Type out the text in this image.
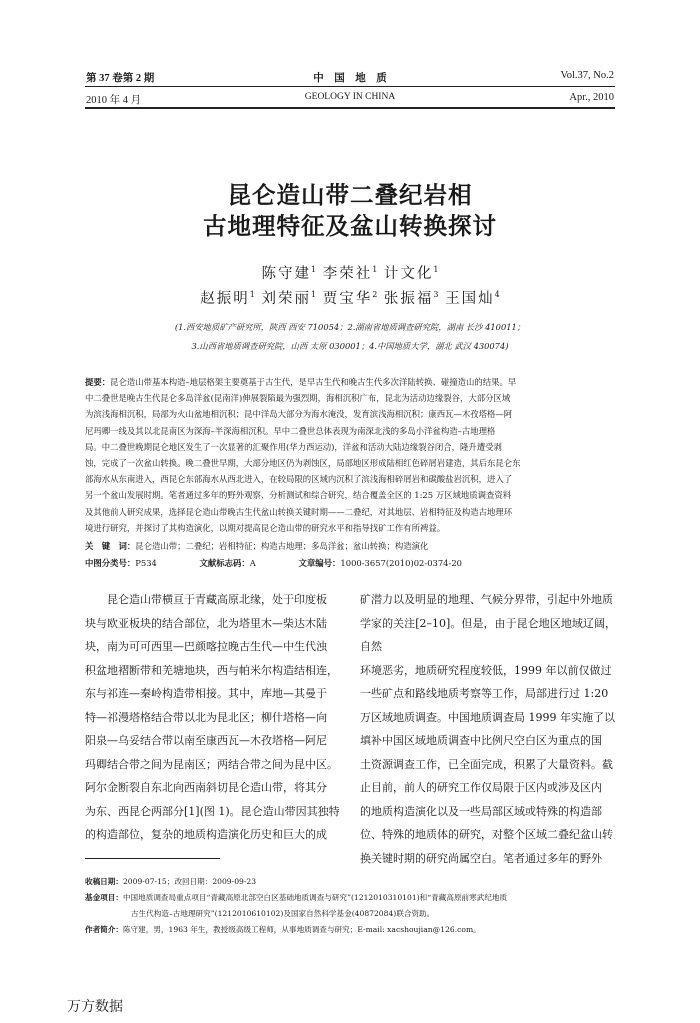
第 37 卷第 2 期
2010 年 4 月
中　国　地　质
GEOLOGY IN CHINA
Vol.37, No.2
Apr., 2010
昆仑造山带二叠纪岩相
古地理特征及盆山转换探讨
陈守建$^1$ 李荣社$^1$ 计文化$^1$
赵振明$^1$ 刘荣丽$^1$ 贾宝华$^2$ 张振福$^3$ 王国灿$^4$
(1.西安地质矿产研究所，陕西 西安 710054；2.湖南省地质调查研究院，湖南 长沙 410011；
3.山西省地质调查研究院，山西 太原 030001；4.中国地质大学，湖北 武汉 430074)
提要：昆仑造山带基本构造–地层格架主要奠基于古生代，是早古生代和晚古生代多次洋陆转换、碰撞造山的结果。早
中二叠世是晚古生代昆仑多岛洋盆(昆南洋)伸展裂陷最为强烈期，海相沉积广布，昆北为活动边缘裂谷，大部分区域
为滨浅海相沉积，局部为火山盆地相沉积；昆中洋岛大部分为海水淹没，发育滨浅海相沉积；康西瓦—木孜塔格—阿
尼玛卿一线及其以北昆南区为深海–半深海相沉积。早中二叠世总体表现为南深北浅的多岛小洋盆构造–古地理格
局。中二叠世晚期昆仑地区发生了一次显著的汇聚作用(华力西运动)，洋盆和活动大陆边缘裂谷闭合，隆升遭受剥
蚀，完成了一次盆山转换。晚二叠世早期，大部分地区仍为剥蚀区，局部地区形成陆相红色碎屑岩建造，其后东昆仑东
部海水从东南进入，西昆仑东部海水从西北进入，在较局限的区域内沉积了滨浅海相碎屑岩和碳酸盐岩沉积，进入了
另一个盆山发展时期。笔者通过多年的野外观察、分析测试和综合研究，结合覆盖全区的 1:25 万区域地质调查资料
及其他前人研究成果，选择昆仑造山带晚古生代盆山转换关键时期——二叠纪，对其地层、岩相特征及构造古地理环
境进行研究，并探讨了其构造演化，以期对提高昆仑造山带的研究水平和指导找矿工作有所裨益。
关　键　词：昆仑造山带；二叠纪；岩相特征；构造古地理；多岛洋盆；盆山转换；构造演化
中图分类号：P534	文献标志码：A	文章编号：1000-3657(2010)02-0374-20
昆仑造山带横亘于青藏高原北缘，处于印度板
块与欧亚板块的结合部位，北为塔里木—柴达木陆
块，南为可可西里—巴颜喀拉晚古生代—中生代浊
积盆地褶断带和羌塘地块，西与帕米尔构造结相连，
东与祁连—秦岭构造带相接。其中，库地—其曼于
特—祁漫塔格结合带以北为昆北区；柳什塔格—向
阳泉—乌妥结合带以南至康西瓦—木孜塔格—阿尼
玛卿结合带之间为昆南区；两结合带之间为昆中区。
阿尔金断裂自东北向西南斜切昆仑造山带，将其分
为东、西昆仑两部分[1](图 1)。昆仑造山带因其独特
的构造部位，复杂的地质构造演化历史和巨大的成
矿潜力以及明显的地理、气候分界带，引起中外地质
学家的关注[2–10]。但是，由于昆仑地区地域辽阔，自然
环境恶劣，地质研究程度较低，1999 年以前仅做过
一些矿点和路线地质考察等工作，局部进行过 1:20
万区域地质调查。中国地质调查局 1999 年实施了以
填补中国区域地质调查中比例尺空白区为重点的国
土资源调查工作，已全面完成，积累了大量资料。截
止目前，前人的研究工作仅局限于区内或涉及区内
的地质构造演化以及一些局部区域或特殊的构造部
位、特殊的地质体的研究，对整个区域二叠纪盆山转
换关键时期的研究尚属空白。笔者通过多年的野外
收稿日期：2009-07-15；改回日期：2009-09-23
基金项目：中国地质调查局重点项目“青藏高原北部空白区基础地质调查与研究”(1212010310101)和“青藏高原前寒武纪地质
古生代构造–古地理研究”(1212010610102)及国家自然科学基金(40872084)联合资助。
作者简介：陈守建，男，1963 年生，教授级高级工程师，从事地质调查与研究；E-mail: xacshoujian@126.com。
万方数据
